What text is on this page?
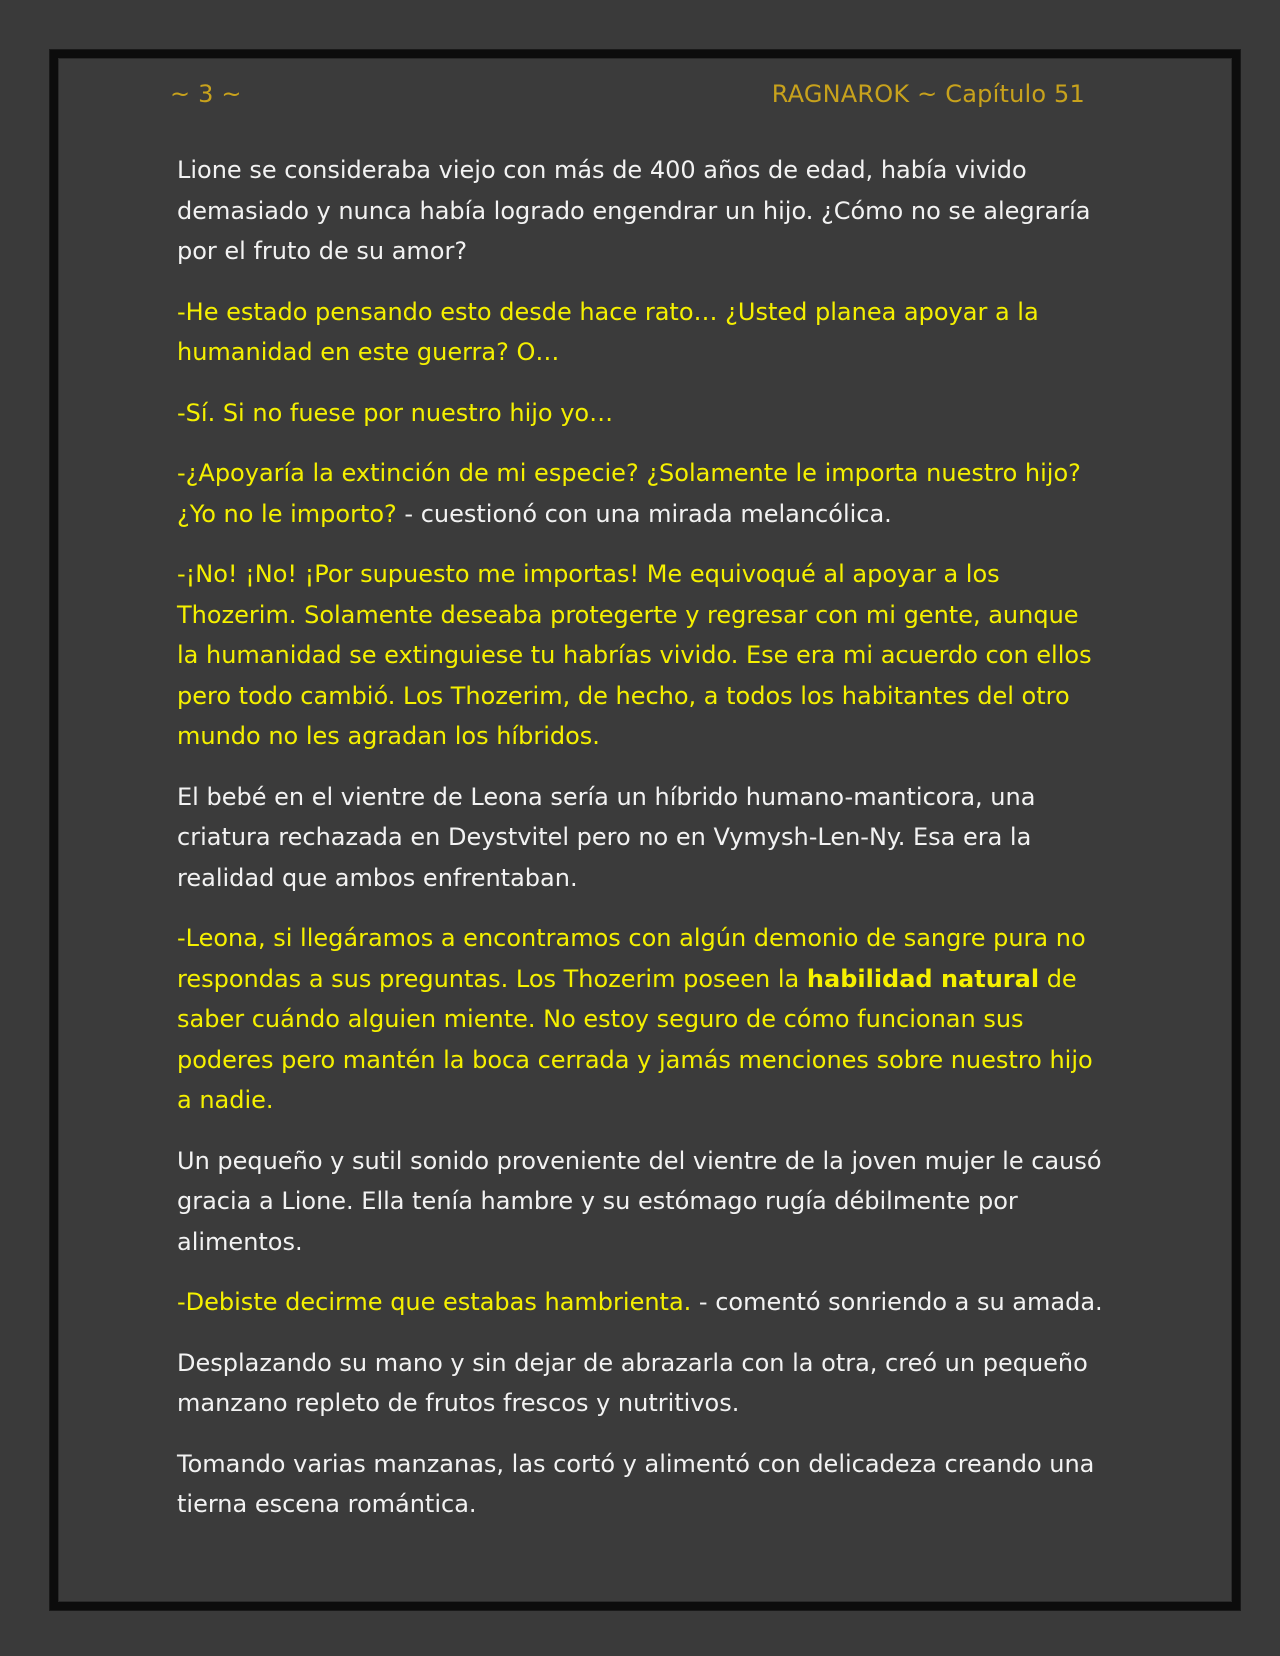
~ 3 ~	RAGNAROK ~ Capítulo 51

Lione se consideraba viejo con más de 400 años de edad, había vivido demasiado y nunca había logrado engendrar un hijo. ¿Cómo no se alegraría por el fruto de su amor?

-He estado pensando esto desde hace rato… ¿Usted planea apoyar a la humanidad en este guerra? O…

-Sí. Si no fuese por nuestro hijo yo…

-¿Apoyaría la extinción de mi especie? ¿Solamente le importa nuestro hijo? ¿Yo no le importo? - cuestionó con una mirada melancólica.

-¡No! ¡No! ¡Por supuesto me importas! Me equivoqué al apoyar a los Thozerim. Solamente deseaba protegerte y regresar con mi gente, aunque la humanidad se extinguiese tu habrías vivido. Ese era mi acuerdo con ellos pero todo cambió. Los Thozerim, de hecho, a todos los habitantes del otro mundo no les agradan los híbridos.

El bebé en el vientre de Leona sería un híbrido humano-manticora, una criatura rechazada en Deystvitel pero no en Vymysh-Len-Ny. Esa era la realidad que ambos enfrentaban.

-Leona, si llegáramos a encontramos con algún demonio de sangre pura no respondas a sus preguntas. Los Thozerim poseen la habilidad natural de saber cuándo alguien miente. No estoy seguro de cómo funcionan sus poderes pero mantén la boca cerrada y jamás menciones sobre nuestro hijo a nadie.

Un pequeño y sutil sonido proveniente del vientre de la joven mujer le causó gracia a Lione. Ella tenía hambre y su estómago rugía débilmente por alimentos.

-Debiste decirme que estabas hambrienta. - comentó sonriendo a su amada.

Desplazando su mano y sin dejar de abrazarla con la otra, creó un pequeño manzano repleto de frutos frescos y nutritivos.

Tomando varias manzanas, las cortó y alimentó con delicadeza creando una tierna escena romántica.
